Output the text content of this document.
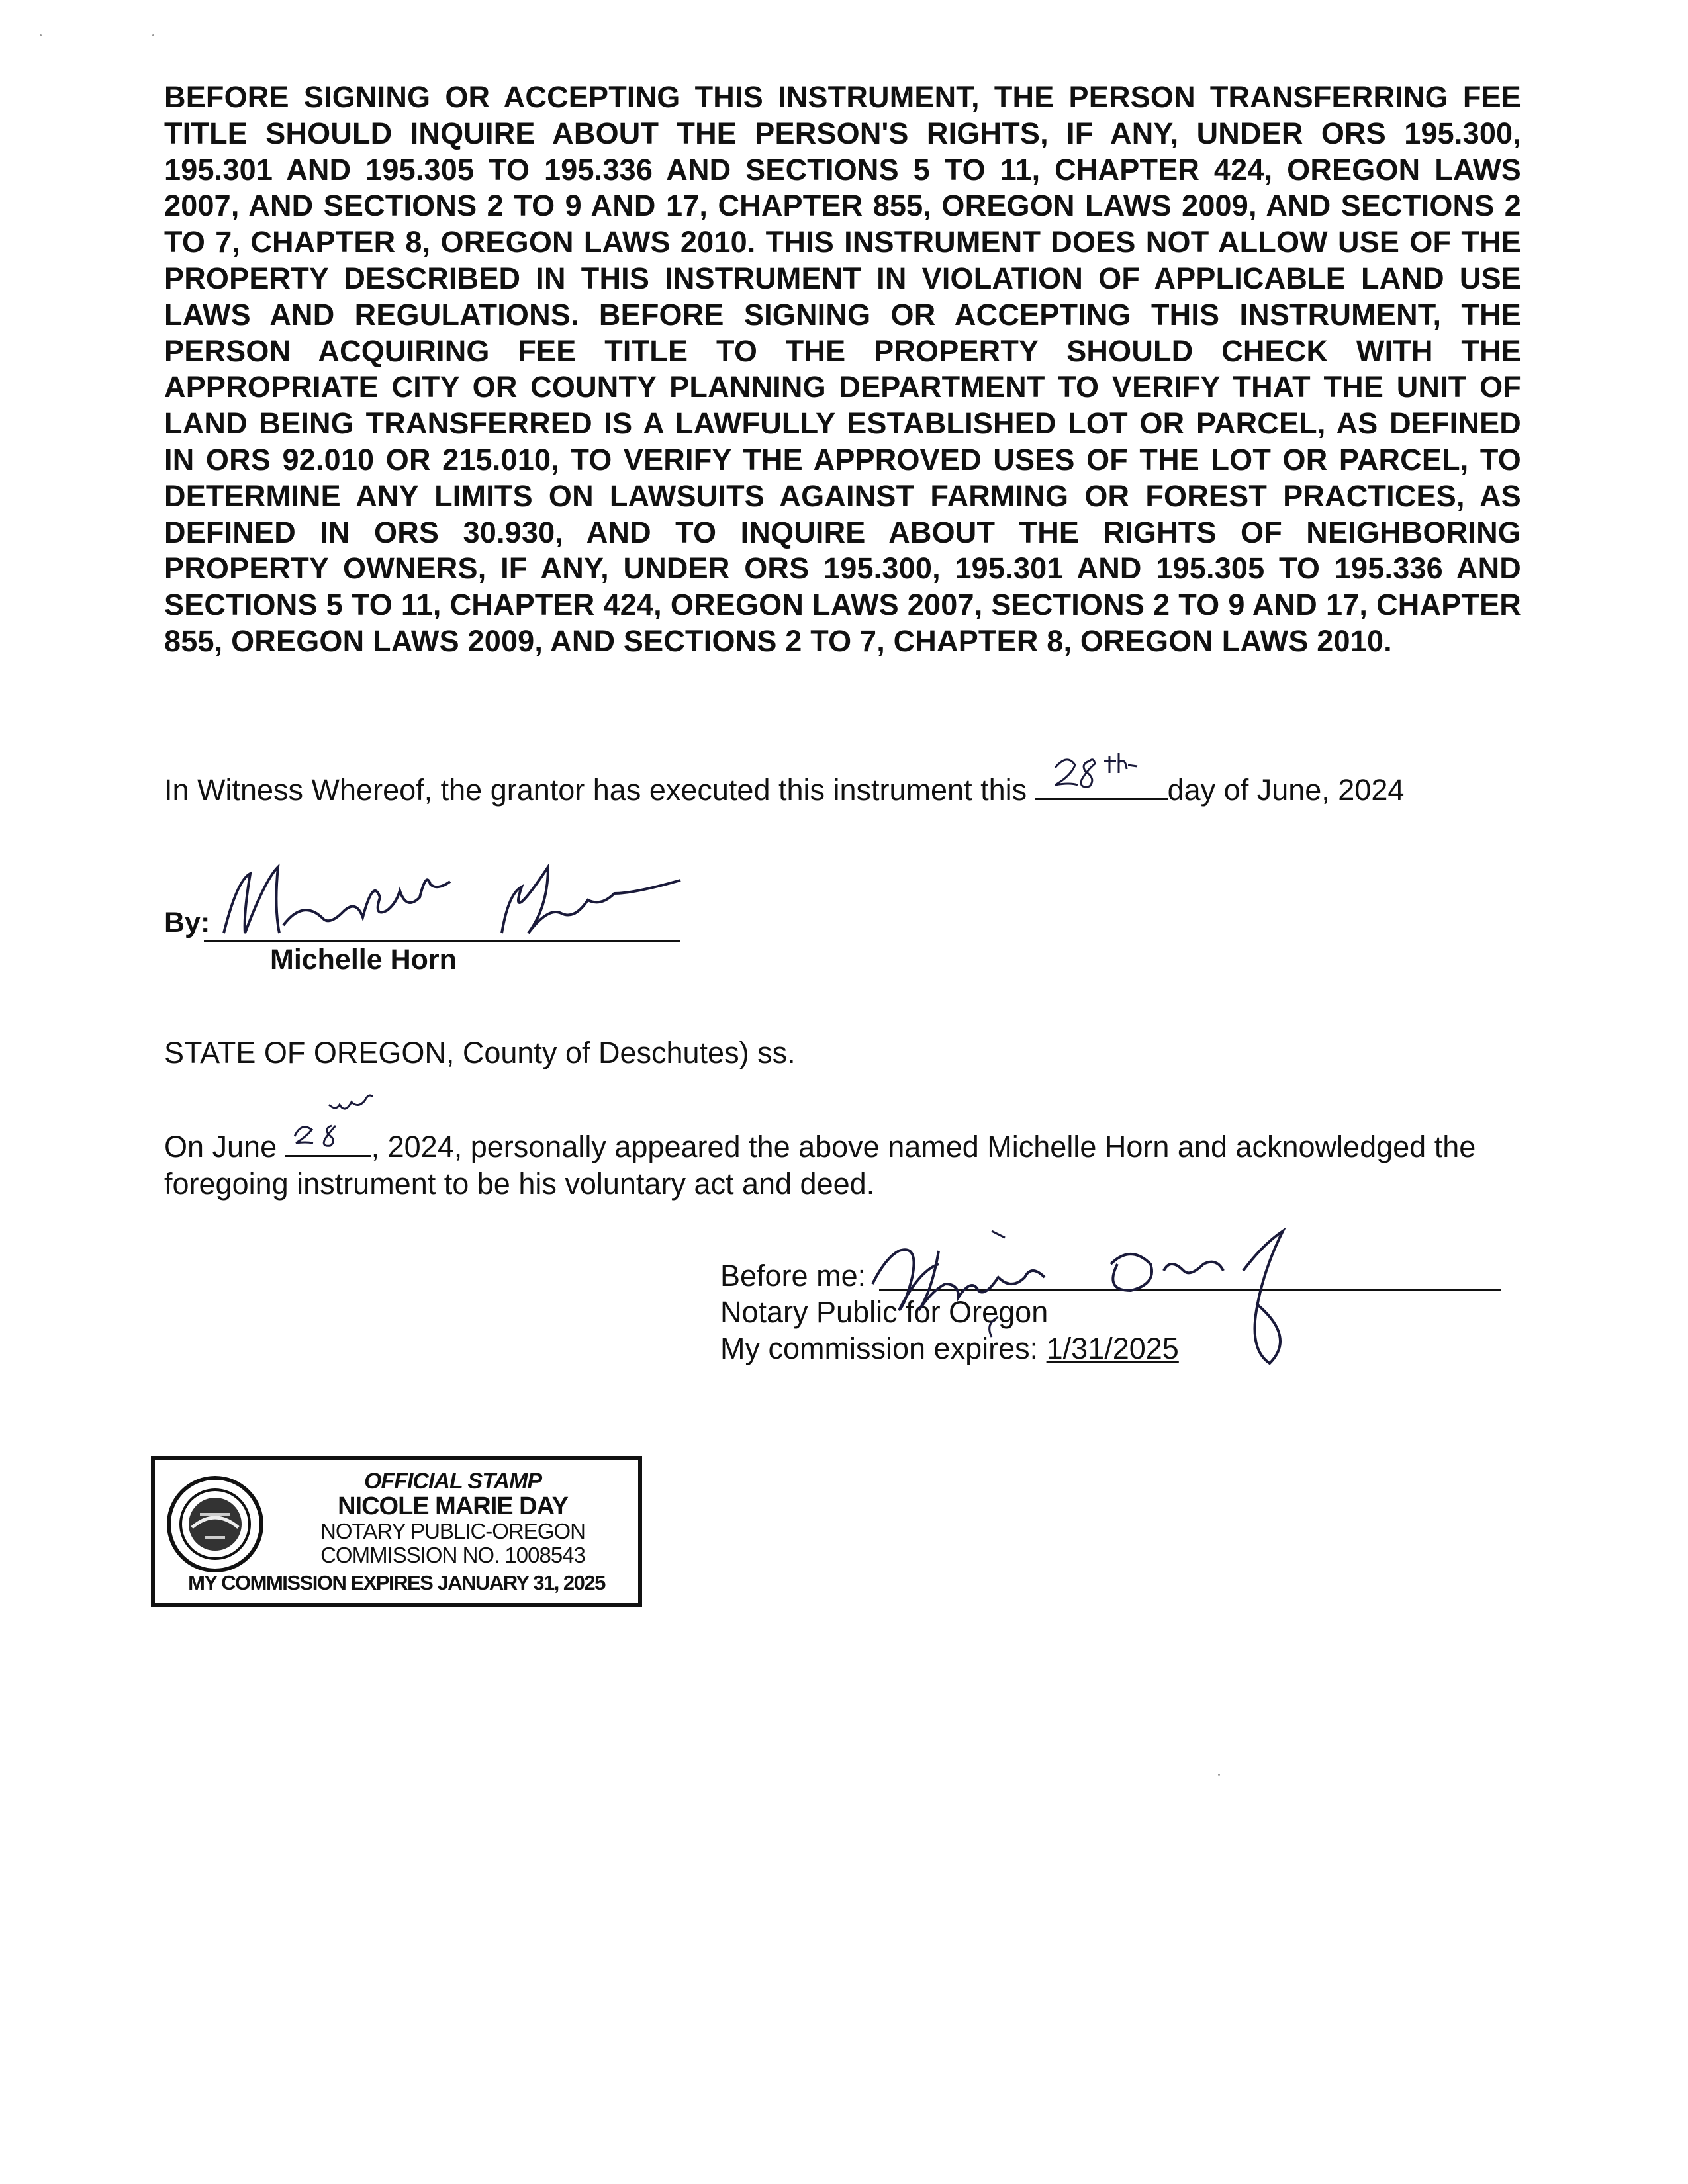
BEFORE SIGNING OR ACCEPTING THIS INSTRUMENT, THE PERSON TRANSFERRING FEE TITLE SHOULD INQUIRE ABOUT THE PERSON'S RIGHTS, IF ANY, UNDER ORS 195.300, 195.301 AND 195.305 TO 195.336 AND SECTIONS 5 TO 11, CHAPTER 424, OREGON LAWS 2007, AND SECTIONS 2 TO 9 AND 17, CHAPTER 855, OREGON LAWS 2009, AND SECTIONS 2 TO 7, CHAPTER 8, OREGON LAWS 2010. THIS INSTRUMENT DOES NOT ALLOW USE OF THE PROPERTY DESCRIBED IN THIS INSTRUMENT IN VIOLATION OF APPLICABLE LAND USE LAWS AND REGULATIONS. BEFORE SIGNING OR ACCEPTING THIS INSTRUMENT, THE PERSON ACQUIRING FEE TITLE TO THE PROPERTY SHOULD CHECK WITH THE APPROPRIATE CITY OR COUNTY PLANNING DEPARTMENT TO VERIFY THAT THE UNIT OF LAND BEING TRANSFERRED IS A LAWFULLY ESTABLISHED LOT OR PARCEL, AS DEFINED IN ORS 92.010 OR 215.010, TO VERIFY THE APPROVED USES OF THE LOT OR PARCEL, TO DETERMINE ANY LIMITS ON LAWSUITS AGAINST FARMING OR FOREST PRACTICES, AS DEFINED IN ORS 30.930, AND TO INQUIRE ABOUT THE RIGHTS OF NEIGHBORING PROPERTY OWNERS, IF ANY, UNDER ORS 195.300, 195.301 AND 195.305 TO 195.336 AND SECTIONS 5 TO 11, CHAPTER 424, OREGON LAWS 2007, SECTIONS 2 TO 9 AND 17, CHAPTER 855, OREGON LAWS 2009, AND SECTIONS 2 TO 7, CHAPTER 8, OREGON LAWS 2010.
In Witness Whereof, the grantor has executed this instrument this	day of June, 2024
By:
Michelle Horn
STATE OF OREGON, County of Deschutes) ss.
On June	, 2024, personally appeared the above named Michelle Horn and acknowledged the foregoing instrument to be his voluntary act and deed.
Before me:
Notary Public for Oregon
My commission expires: 1/31/2025
OFFICIAL STAMP
NICOLE MARIE DAY
NOTARY PUBLIC-OREGON
COMMISSION NO. 1008543
MY COMMISSION EXPIRES JANUARY 31, 2025
